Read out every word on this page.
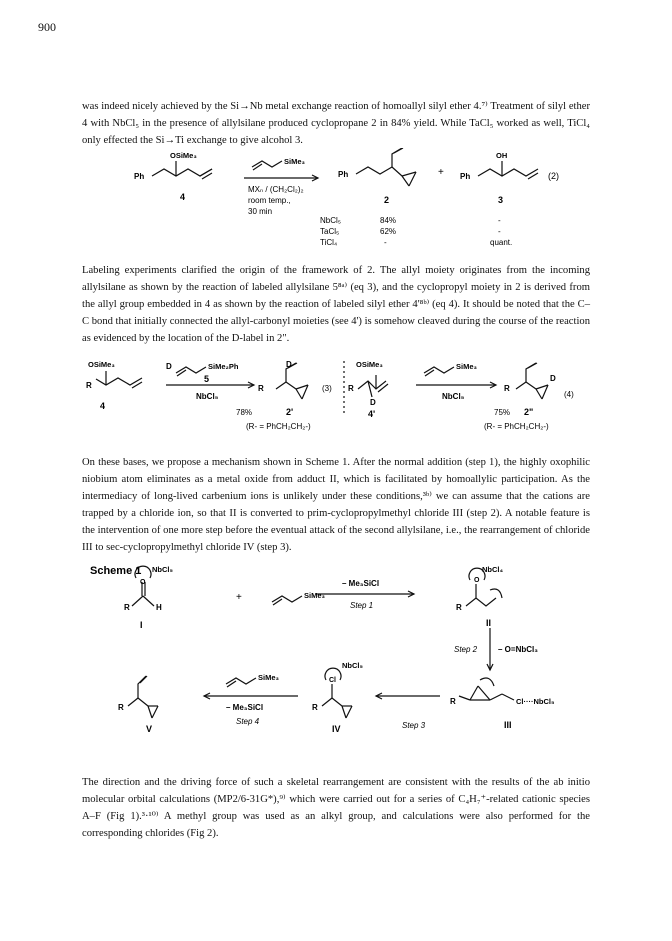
900
was indeed nicely achieved by the Si→Nb metal exchange reaction of homoallyl silyl ether 4.⁷⁾ Treatment of silyl ether 4 with NbCl₅ in the presence of allylsilane produced cyclopropane 2 in 84% yield. While TaCl₅ worked as well, TiCl₄ only effected the Si→Ti exchange to give alcohol 3.
OSiMe₃
Ph
4
SiMe₃
MXₙ / (CH₂Cl₂)₂
room temp.,
30 min
Ph
2
+ Ph
OH
3
(2)
NbCl₅	84%	-
TaCl₅	62%	-
TiCl₄	-	quant.
Labeling experiments clarified the origin of the framework of 2. The allyl moiety originates from the incoming allylsilane as shown by the reaction of labeled allylsilane 5⁸ᵃ⁾ (eq 3), and the cyclopropyl moiety in 2 is derived from the allyl group embedded in 4 as shown by the reaction of labeled silyl ether 4'⁸ᵇ⁾ (eq 4). It should be noted that the C–C bond that initially connected the allyl-carbonyl moieties (see 4') is somehow cleaved during the course of the reaction as evidenced by the location of the D-label in 2".
OSiMe₃
R
4
D	SiMe₂Ph
5
NbCl₅
78%
R
D
2'
(3)
(R- = PhCH₂CH₂-)
OSiMe₃
R
D
4'
SiMe₃
NbCl₅
R
D
75% 2"
(4)
(R- = PhCH₂CH₂-)
On these bases, we propose a mechanism shown in Scheme 1. After the normal addition (step 1), the highly oxophilic niobium atom eliminates as a metal oxide from adduct II, which is facilitated by homoallylic participation. As the intermediacy of long-lived carbenium ions is unlikely under these conditions,³ᵇ⁾ we can assume that the cations are trapped by a chloride ion, so that II is converted to prim-cyclopropylmethyl chloride III (step 2). A notable feature is the intervention of one more step before the eventual attack of the second allylsilane, i.e., the rearrangement of chloride III to sec-cyclopropylmethyl chloride IV (step 3).
Scheme 1 NbCl₅
O
R	H
I
+	SiMe₃
– Me₃SiCl
Step 1
NbCl₄
O
R
II
Step 2	– O=NbCl₃
R	Cl····NbCl₅
III
Step 3
NbCl₅
Cl
R
IV
SiMe₃
– Me₃SiCl
Step 4
R
V
The direction and the driving force of such a skeletal rearrangement are consistent with the results of the ab initio molecular orbital calculations (MP2/6-31G*),⁹⁾ which were carried out for a series of C₄H₇⁺-related cationic species A–F (Fig 1).³·¹⁰⁾ A methyl group was used as an alkyl group, and calculations were also performed for the corresponding chlorides (Fig 2).
